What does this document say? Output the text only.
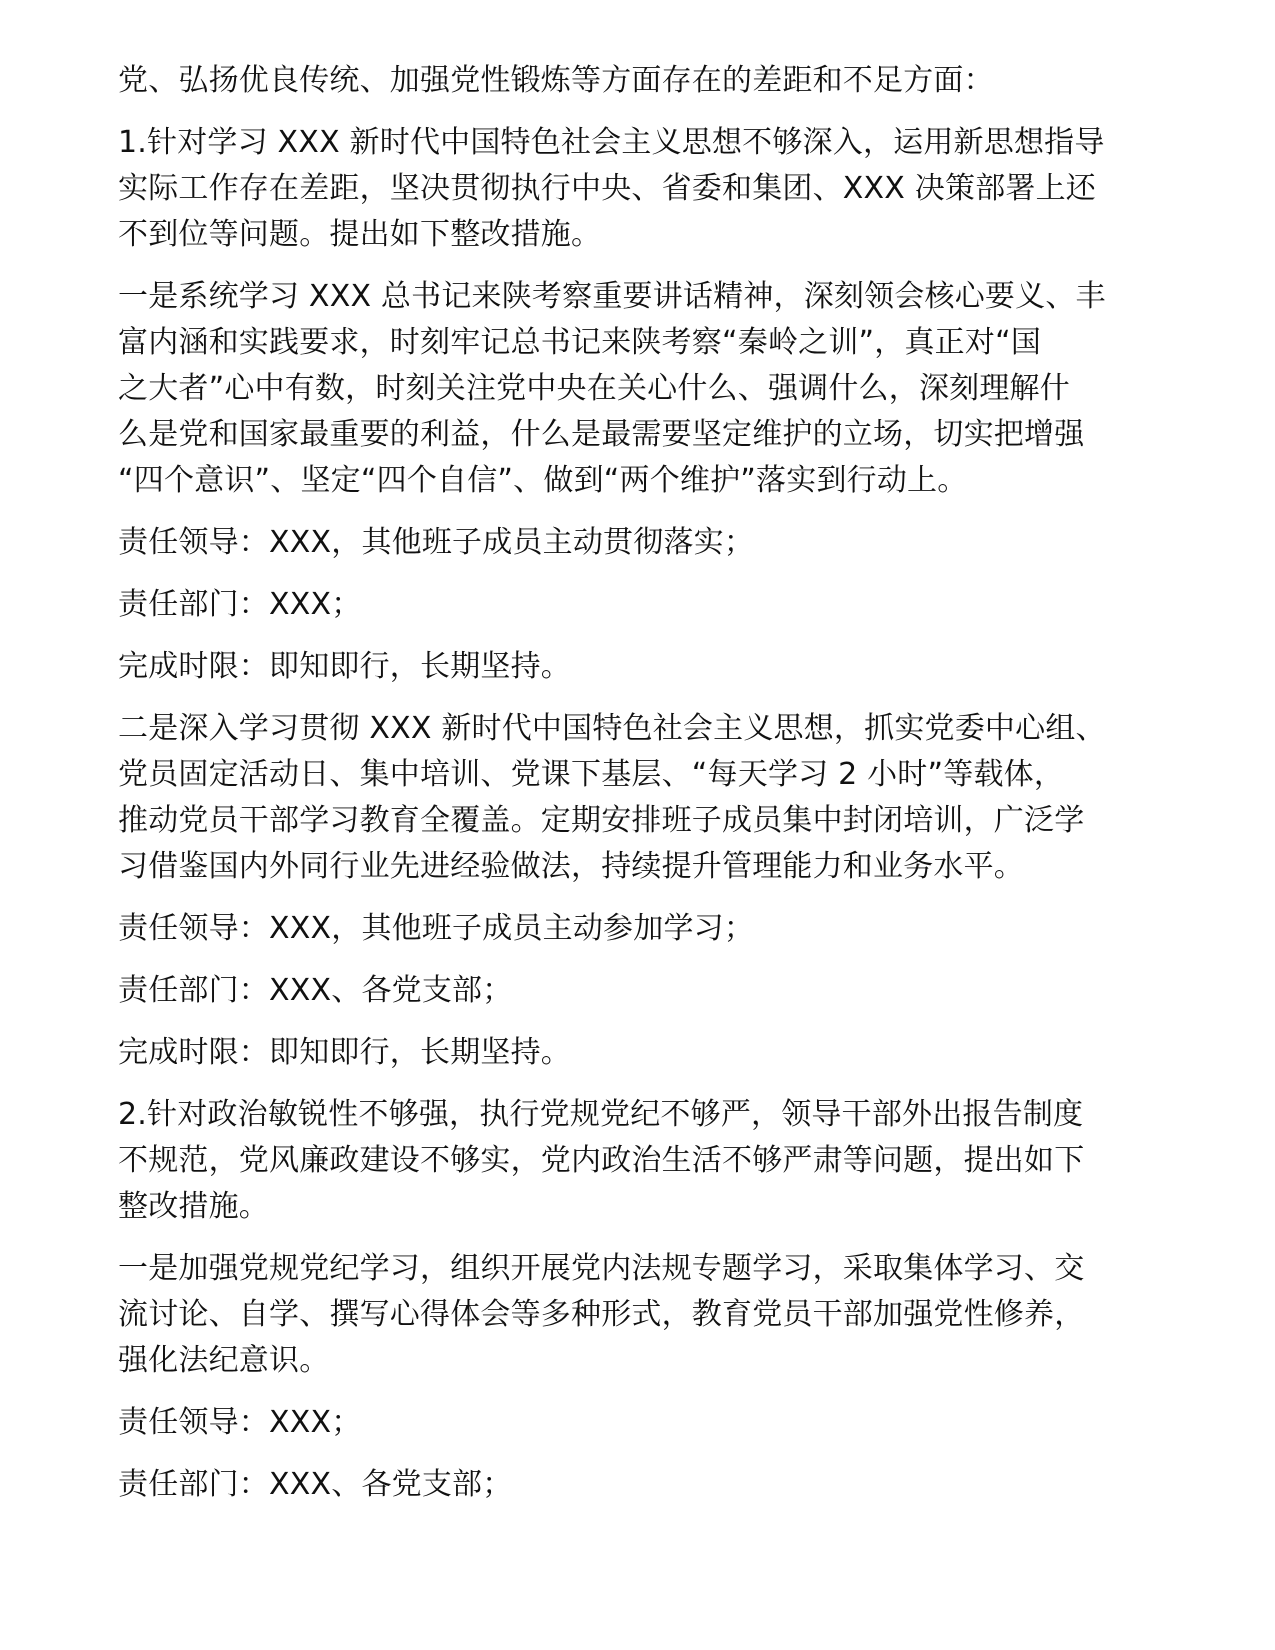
党、弘扬优良传统、加强党性锻炼等方面存在的差距和不足方面：

1.针对学习 XXX 新时代中国特色社会主义思想不够深入，运用新思想指导
实际工作存在差距，坚决贯彻执行中央、省委和集团、XXX 决策部署上还
不到位等问题。提出如下整改措施。

一是系统学习 XXX 总书记来陕考察重要讲话精神，深刻领会核心要义、丰
富内涵和实践要求，时刻牢记总书记来陕考察“秦岭之训”，真正对“国
之大者”心中有数，时刻关注党中央在关心什么、强调什么，深刻理解什
么是党和国家最重要的利益，什么是最需要坚定维护的立场，切实把增强
“四个意识”、坚定“四个自信”、做到“两个维护”落实到行动上。

责任领导：XXX，其他班子成员主动贯彻落实；

责任部门：XXX；

完成时限：即知即行，长期坚持。

二是深入学习贯彻 XXX 新时代中国特色社会主义思想，抓实党委中心组、
党员固定活动日、集中培训、党课下基层、“每天学习 2 小时”等载体，
推动党员干部学习教育全覆盖。定期安排班子成员集中封闭培训，广泛学
习借鉴国内外同行业先进经验做法，持续提升管理能力和业务水平。

责任领导：XXX，其他班子成员主动参加学习；

责任部门：XXX、各党支部；

完成时限：即知即行，长期坚持。

2.针对政治敏锐性不够强，执行党规党纪不够严，领导干部外出报告制度
不规范，党风廉政建设不够实，党内政治生活不够严肃等问题，提出如下
整改措施。

一是加强党规党纪学习，组织开展党内法规专题学习，采取集体学习、交
流讨论、自学、撰写心得体会等多种形式，教育党员干部加强党性修养，
强化法纪意识。

责任领导：XXX；

责任部门：XXX、各党支部；
